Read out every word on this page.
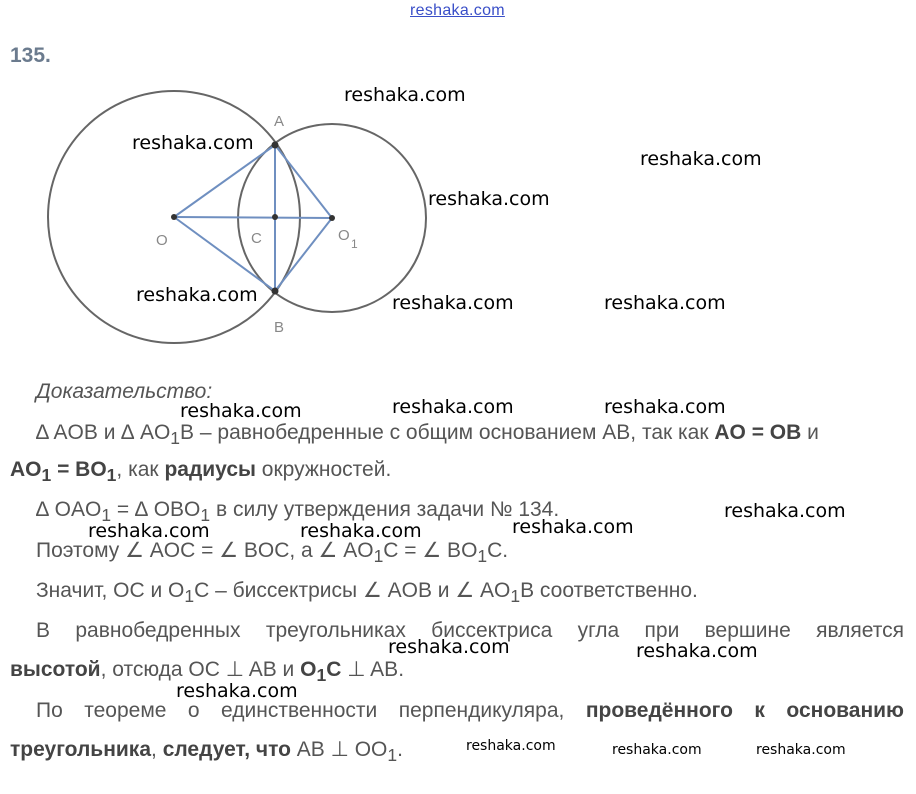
reshaka.com
135.
A
B
O	C	O 1
Доказательство:
∆ AOB и ∆ $AO_1B$ – равнобедренные с общим основанием AB, так как AO = OB и
$AO_1 = BO_1$, как радиусы окружностей.
∆ $OAO_1$ = ∆ $OBO_1$ в силу утверждения задачи № 134.
Поэтому ∠ AOC = ∠ BOC, а ∠ $AO_1C$ = ∠ $BO_1C$.
Значит, OC и $O_1C$ – биссектрисы ∠ AOB и ∠ $AO_1B$ соответственно.
В равнобедренных треугольниках биссектриса угла при вершине является
высотой, отсюда OC ⊥ AB и $O_1C$ ⊥ AB.
По теореме о единственности перпендикуляра, проведённого к основанию
треугольника, следует, что AB ⊥ $OO_1$.
reshaka.com
reshaka.com
reshaka.com
reshaka.com
reshaka.com	reshaka.com	reshaka.com
reshaka.com	reshaka.com	reshaka.com
reshaka.com
reshaka.com
reshaka.com	reshaka.com
reshaka.com	reshaka.com
reshaka.com
reshaka.com	reshaka.com	reshaka.com
